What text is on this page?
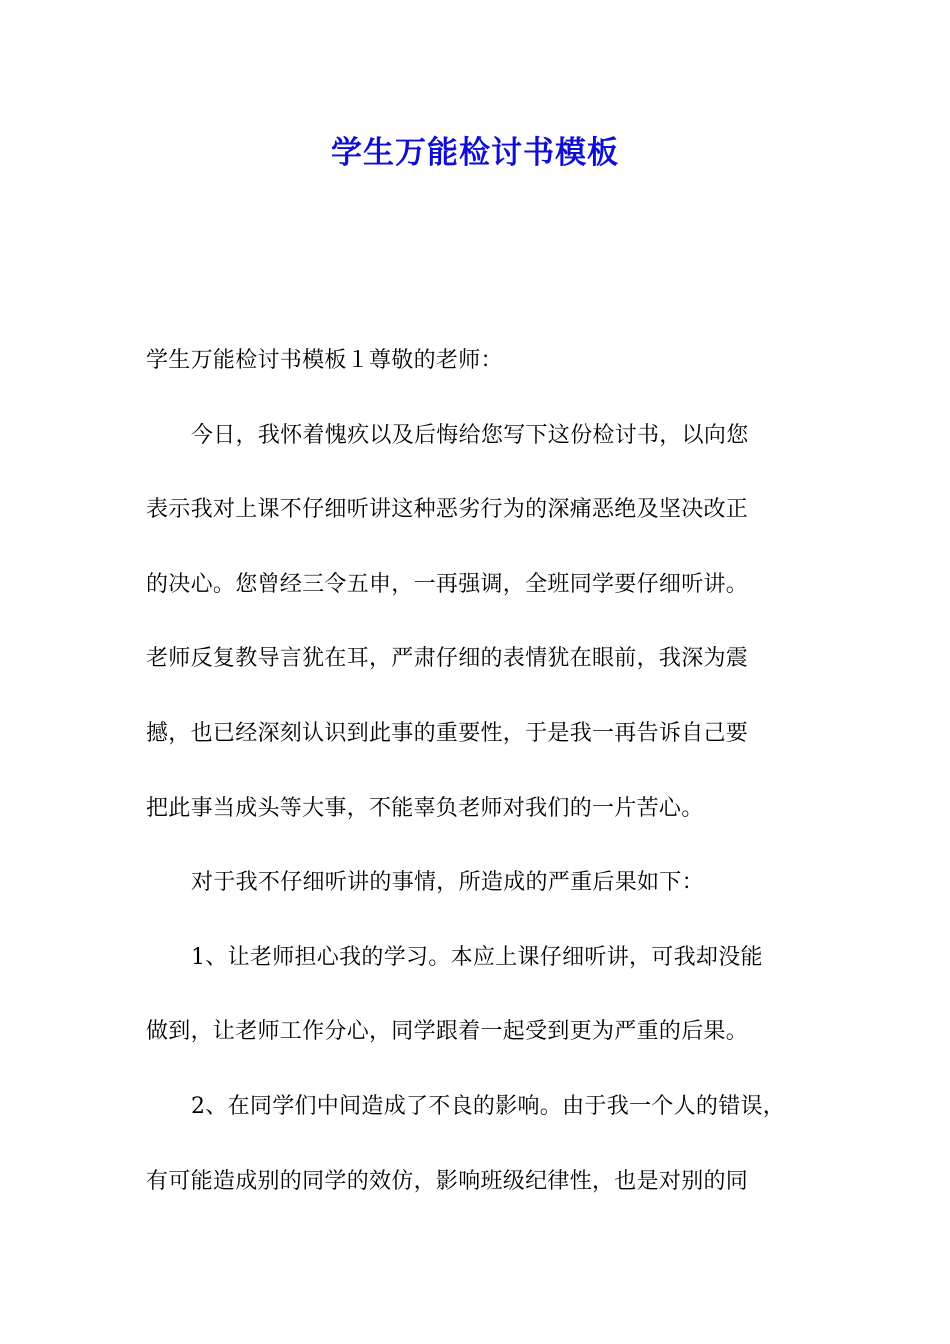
学生万能检讨书模板
学生万能检讨书模板１尊敬的老师：
今日，我怀着愧疚以及后悔给您写下这份检讨书，以向您
表示我对上课不仔细听讲这种恶劣行为的深痛恶绝及坚决改正
的决心。您曾经三令五申，一再强调，全班同学要仔细听讲。
老师反复教导言犹在耳，严肃仔细的表情犹在眼前，我深为震
撼，也已经深刻认识到此事的重要性，于是我一再告诉自己要
把此事当成头等大事，不能辜负老师对我们的一片苦心。
对于我不仔细听讲的事情，所造成的严重后果如下：
1、让老师担心我的学习。本应上课仔细听讲，可我却没能
做到，让老师工作分心，同学跟着一起受到更为严重的后果。
2、在同学们中间造成了不良的影响。由于我一个人的错误，
有可能造成别的同学的效仿，影响班级纪律性，也是对别的同
